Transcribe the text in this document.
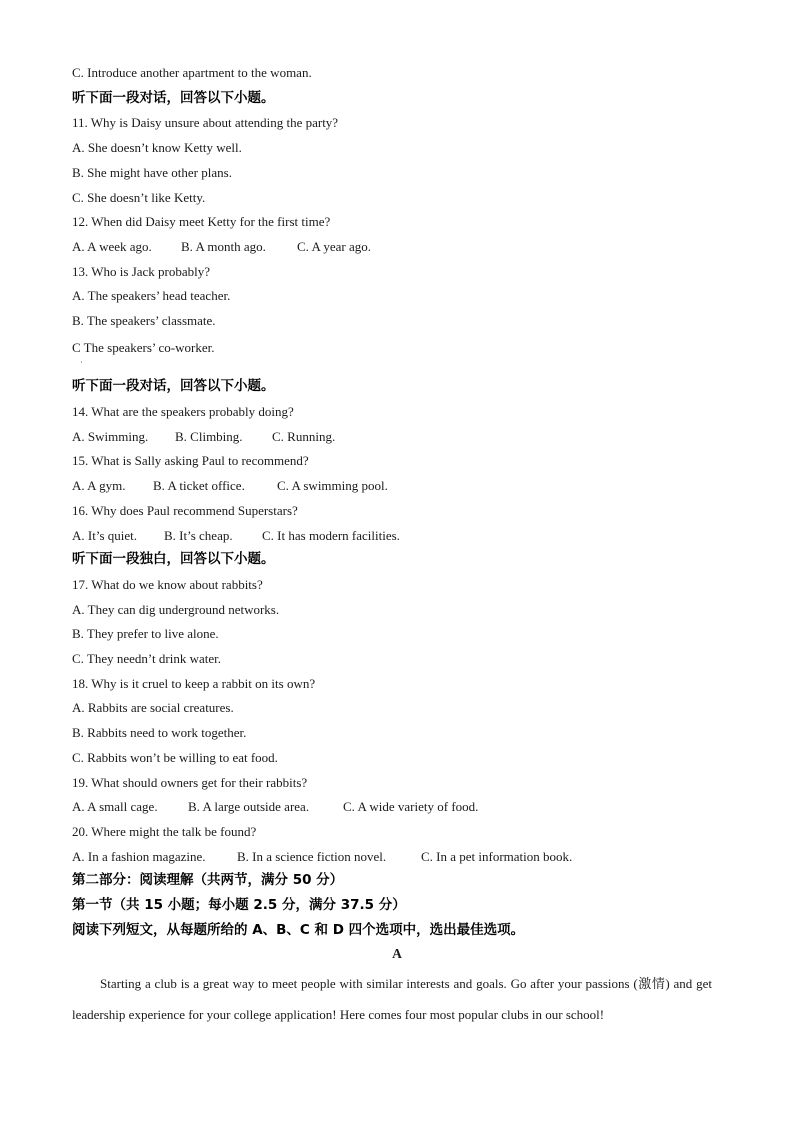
C. Introduce another apartment to the woman.
听下面一段对话，回答以下小题。
11. Why is Daisy unsure about attending the party?
A. She doesn’t know Ketty well.
B. She might have other plans.
C. She doesn’t like Ketty.
12. When did Daisy meet Ketty for the first time?
A. A week ago. B. A month ago. C. A year ago.
13. Who is Jack probably?
A. The speakers’ head teacher.
B. The speakers’ classmate.
C The speakers’ co-worker.
·
听下面一段对话，回答以下小题。
14. What are the speakers probably doing?
A. Swimming. B. Climbing. C. Running.
15. What is Sally asking Paul to recommend?
A. A gym. B. A ticket office. C. A swimming pool.
16. Why does Paul recommend Superstars?
A. It’s quiet. B. It’s cheap. C. It has modern facilities.
听下面一段独白，回答以下小题。
17. What do we know about rabbits?
A. They can dig underground networks.
B. They prefer to live alone.
C. They needn’t drink water.
18. Why is it cruel to keep a rabbit on its own?
A. Rabbits are social creatures.
B. Rabbits need to work together.
C. Rabbits won’t be willing to eat food.
19. What should owners get for their rabbits?
A. A small cage. B. A large outside area.	C. A wide variety of food.
20. Where might the talk be found?
A. In a fashion magazine. B. In a science fiction novel.	C. In a pet information book.
第二部分：阅读理解（共两节，满分 50 分）
第一节（共 15 小题；每小题 2.5 分，满分 37.5 分）
阅读下列短文，从每题所给的 A、B、C 和 D 四个选项中，选出最佳选项。
A
Starting a club is a great way to meet people with similar interests and goals. Go after your passions (激情) and get leadership experience for your college application! Here comes four most popular clubs in our school!
